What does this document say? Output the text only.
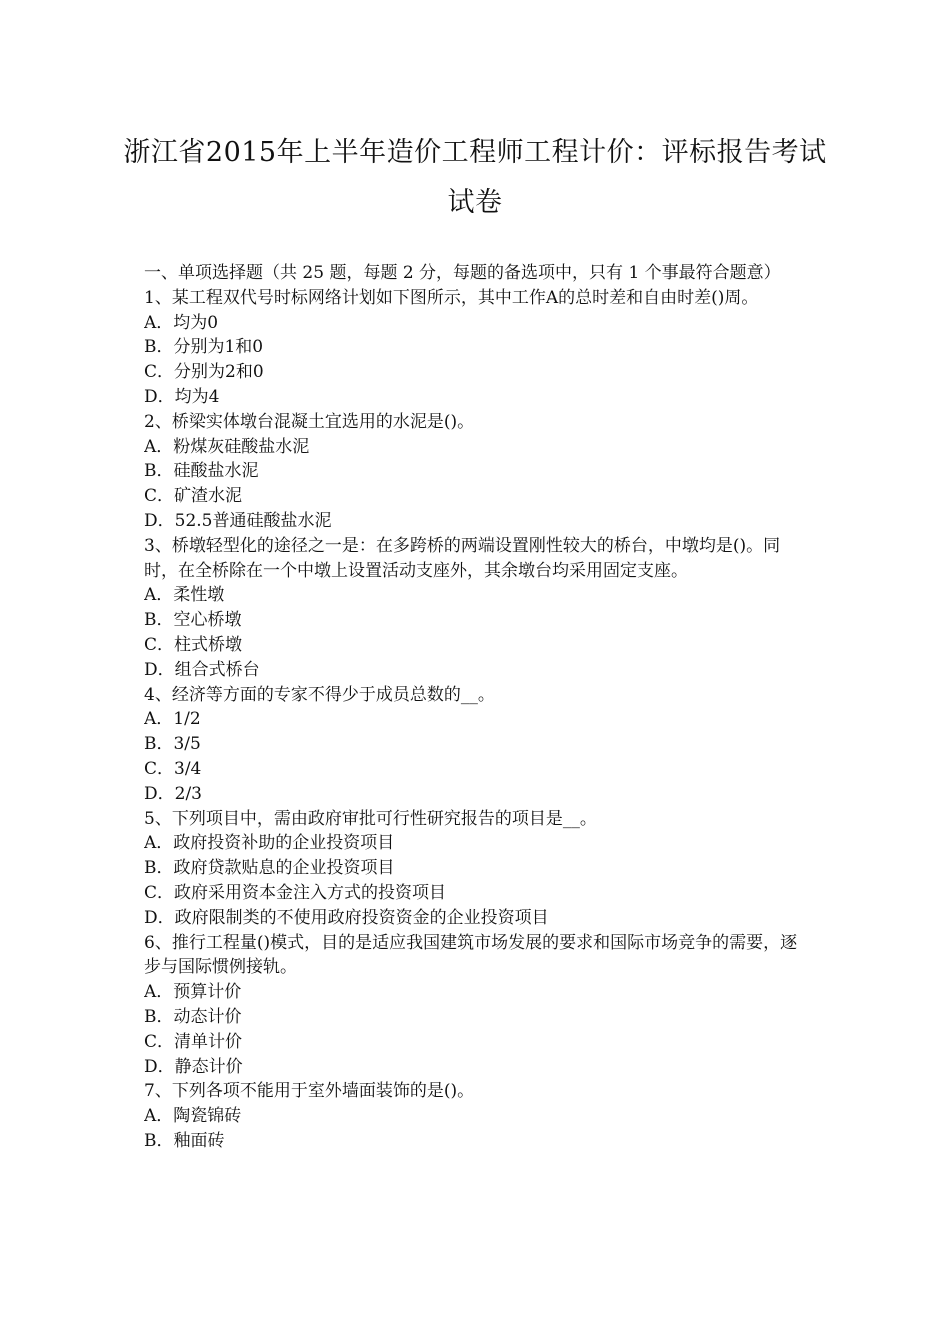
浙江省2015年上半年造价工程师工程计价：评标报告考试
试卷
一、单项选择题（共 25 题，每题 2 分，每题的备选项中，只有 1 个事最符合题意）
1、某工程双代号时标网络计划如下图所示，其中工作A的总时差和自由时差()周。
A．均为0
B．分别为1和0
C．分别为2和0
D．均为4
2、桥梁实体墩台混凝土宜选用的水泥是()。
A．粉煤灰硅酸盐水泥
B．硅酸盐水泥
C．矿渣水泥
D．52.5普通硅酸盐水泥
3、桥墩轻型化的途径之一是：在多跨桥的两端设置刚性较大的桥台，中墩均是()。同时，在全桥除在一个中墩上设置活动支座外，其余墩台均采用固定支座。
A．柔性墩
B．空心桥墩
C．柱式桥墩
D．组合式桥台
4、经济等方面的专家不得少于成员总数的__。
A．1/2
B．3/5
C．3/4
D．2/3
5、下列项目中，需由政府审批可行性研究报告的项目是__。
A．政府投资补助的企业投资项目
B．政府贷款贴息的企业投资项目
C．政府采用资本金注入方式的投资项目
D．政府限制类的不使用政府投资资金的企业投资项目
6、推行工程量()模式，目的是适应我国建筑市场发展的要求和国际市场竞争的需要，逐步与国际惯例接轨。
A．预算计价
B．动态计价
C．清单计价
D．静态计价
7、下列各项不能用于室外墙面装饰的是()。
A．陶瓷锦砖
B．釉面砖
